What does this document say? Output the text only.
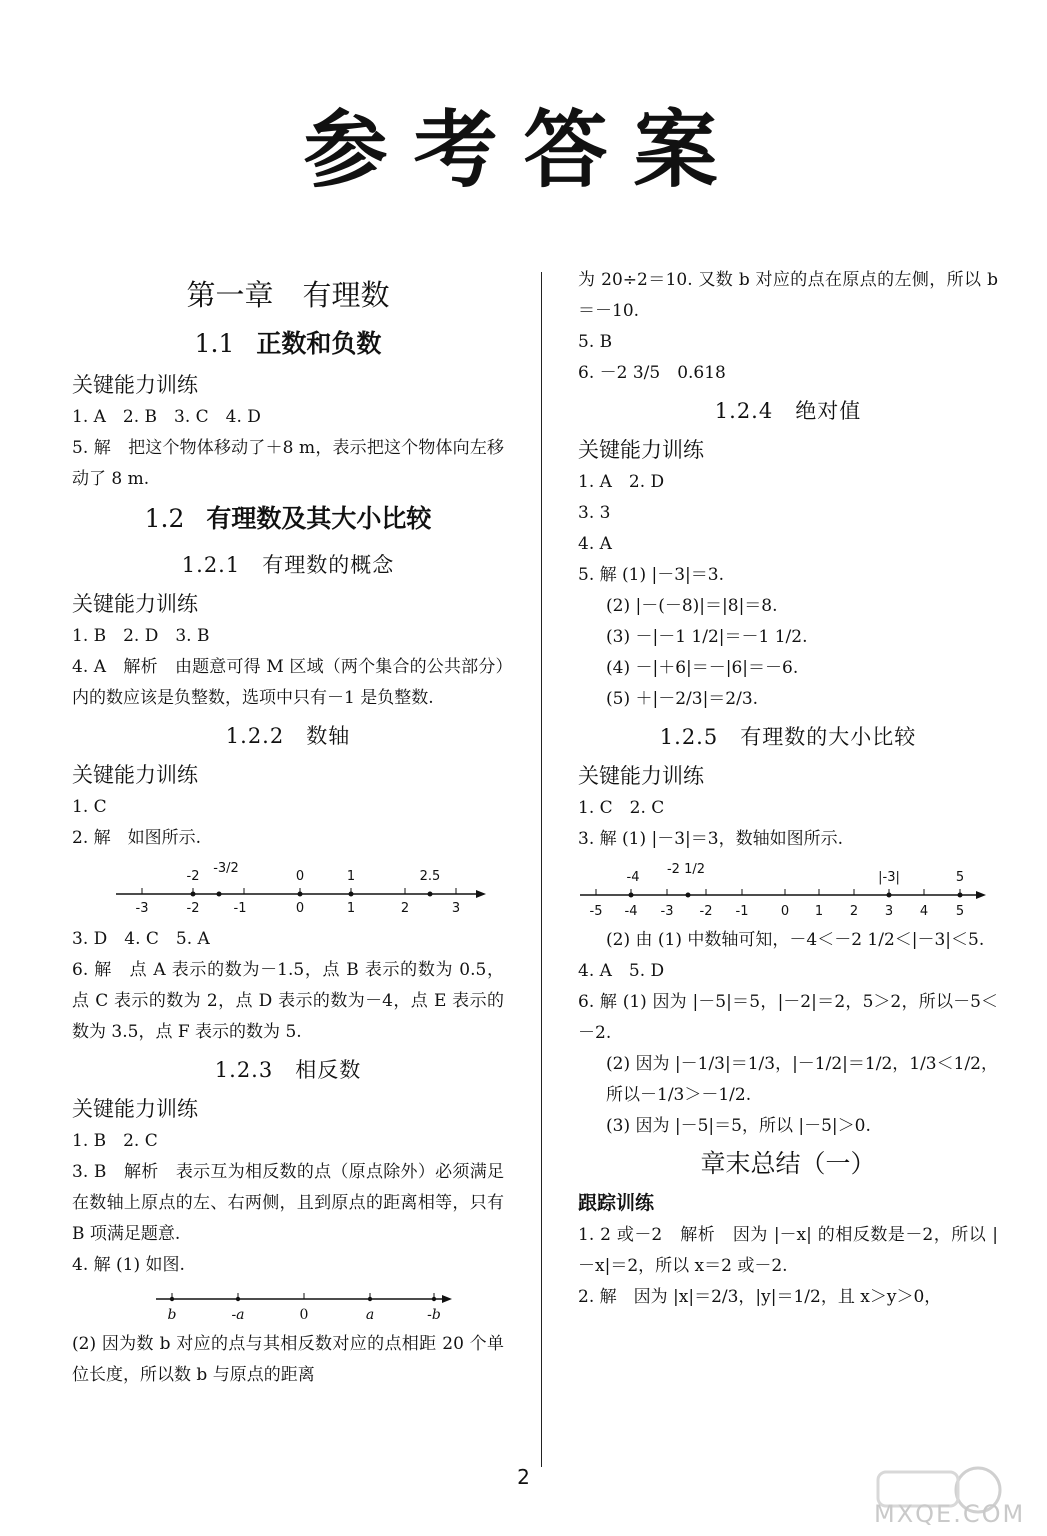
参考答案
第一章　有理数
1.1 正数和负数
关键能力训练
1. A　2. B　3. C　4. D
5. 解　把这个物体移动了＋8 m，表示把这个物体向左移动了 8 m.
1.2 有理数及其大小比较
1.2.1 有理数的概念
关键能力训练
1. B　2. D　3. B
4. A　解析　由题意可得 M 区域（两个集合的公共部分）内的数应该是负整数，选项中只有－1 是负整数.
1.2.2 数轴
关键能力训练
1. C
2. 解　如图所示.
-3	-2	-1	0	1	2	3
-2
-3/2
0	1	2.5
3. D　4. C　5. A
6. 解　点 A 表示的数为－1.5，点 B 表示的数为 0.5，点 C 表示的数为 2，点 D 表示的数为－4，点 E 表示的数为 3.5，点 F 表示的数为 5.
1.2.3 相反数
关键能力训练
1. B　2. C
3. B　解析　表示互为相反数的点（原点除外）必须满足在数轴上原点的左、右两侧，且到原点的距离相等，只有 B 项满足题意.
4. 解 (1) 如图.
b	-a	0	a	-b
(2) 因为数 b 对应的点与其相反数对应的点相距 20 个单位长度，所以数 b 与原点的距离
为 20÷2＝10. 又数 b 对应的点在原点的左侧，所以 b＝－10.
5. B
6. －2 3/5　0.618
1.2.4 绝对值
关键能力训练
1. A　2. D
3. 3
4. A
5. 解 (1) |－3|＝3.
(2) |－(－8)|＝|8|＝8.
(3) －|－1 1/2|＝－1 1/2.
(4) －|＋6|＝－|6|＝－6.
(5) ＋|－2/3|＝2/3.
1.2.5 有理数的大小比较
关键能力训练
1. C　2. C
3. 解 (1) |－3|＝3，数轴如图所示.
-5 -4 -3 -2 -1 0 1 2 3 4 5
-4
-2 1/2
|-3|	5
(2) 由 (1) 中数轴可知，－4＜－2 1/2＜|－3|＜5.
4. A　5. D
6. 解 (1) 因为 |－5|＝5，|－2|＝2，5＞2，所以－5＜－2.
(2) 因为 |－1/3|＝1/3，|－1/2|＝1/2，1/3＜1/2，所以－1/3＞－1/2.
(3) 因为 |－5|＝5，所以 |－5|＞0.
章末总结（一）
跟踪训练
1. 2 或－2　解析　因为 |－x| 的相反数是－2，所以 |－x|＝2，所以 x＝2 或－2.
2. 解　因为 |x|＝2/3，|y|＝1/2，且 x＞y＞0，
2
MXQE.COM
